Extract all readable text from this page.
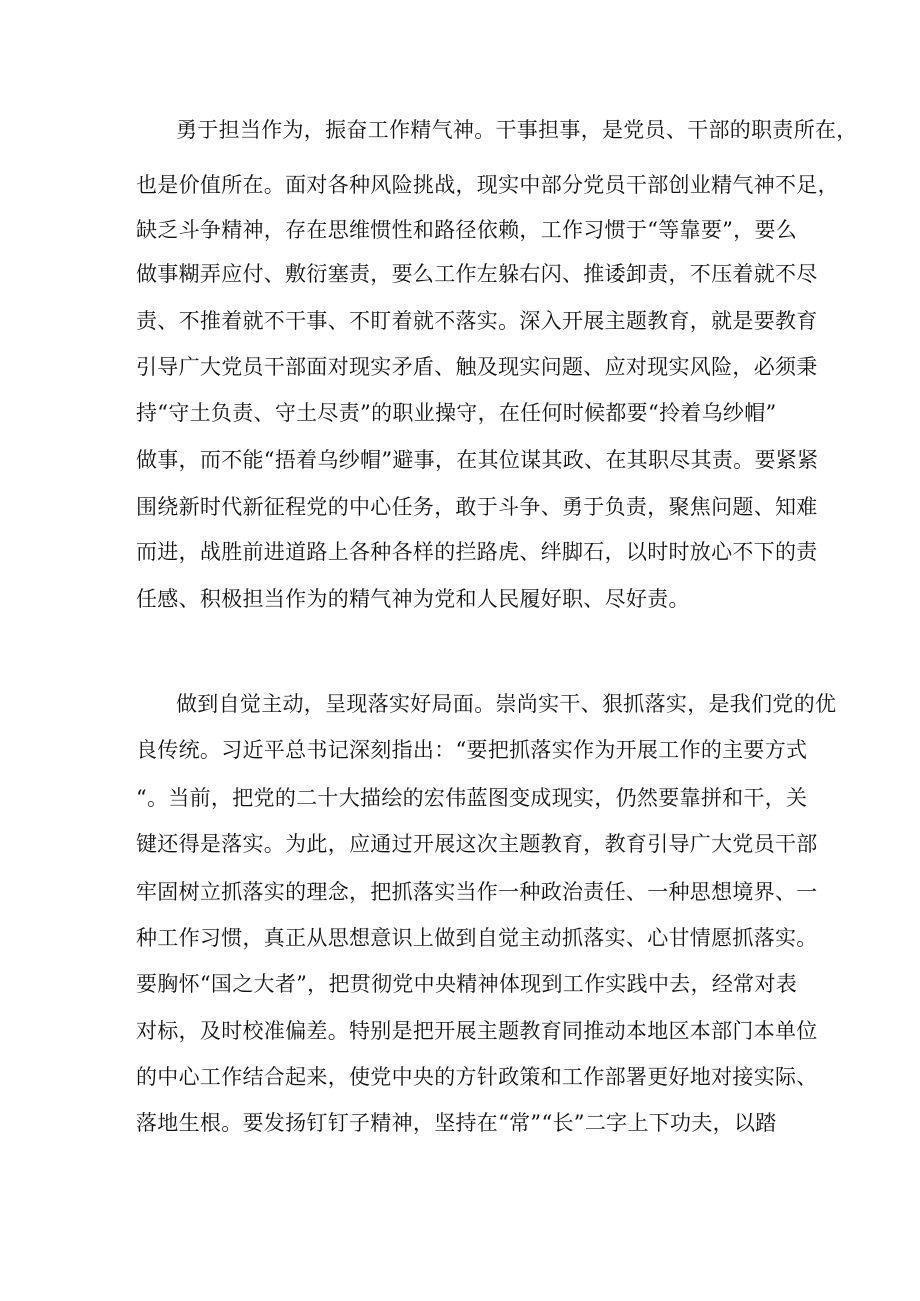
勇于担当作为，振奋工作精气神。干事担事，是党员、干部的职责所在，
也是价值所在。面对各种风险挑战，现实中部分党员干部创业精气神不足，
缺乏斗争精神，存在思维惯性和路径依赖，工作习惯于“等靠要”，要么
做事糊弄应付、敷衍塞责，要么工作左躲右闪、推诿卸责，不压着就不尽
责、不推着就不干事、不盯着就不落实。深入开展主题教育，就是要教育
引导广大党员干部面对现实矛盾、触及现实问题、应对现实风险，必须秉
持“守土负责、守土尽责”的职业操守，在任何时候都要“拎着乌纱帽”
做事，而不能“捂着乌纱帽”避事，在其位谋其政、在其职尽其责。要紧紧
围绕新时代新征程党的中心任务，敢于斗争、勇于负责，聚焦问题、知难
而进，战胜前进道路上各种各样的拦路虎、绊脚石，以时时放心不下的责
任感、积极担当作为的精气神为党和人民履好职、尽好责。
做到自觉主动，呈现落实好局面。崇尚实干、狠抓落实，是我们党的优
良传统。习近平总书记深刻指出：“要把抓落实作为开展工作的主要方式
“。当前，把党的二十大描绘的宏伟蓝图变成现实，仍然要靠拼和干，关
键还得是落实。为此，应通过开展这次主题教育，教育引导广大党员干部
牢固树立抓落实的理念，把抓落实当作一种政治责任、一种思想境界、一
种工作习惯，真正从思想意识上做到自觉主动抓落实、心甘情愿抓落实。
要胸怀“国之大者”，把贯彻党中央精神体现到工作实践中去，经常对表
对标，及时校准偏差。特别是把开展主题教育同推动本地区本部门本单位
的中心工作结合起来，使党中央的方针政策和工作部署更好地对接实际、
落地生根。要发扬钉钉子精神，坚持在“常”“长”二字上下功夫，以踏
